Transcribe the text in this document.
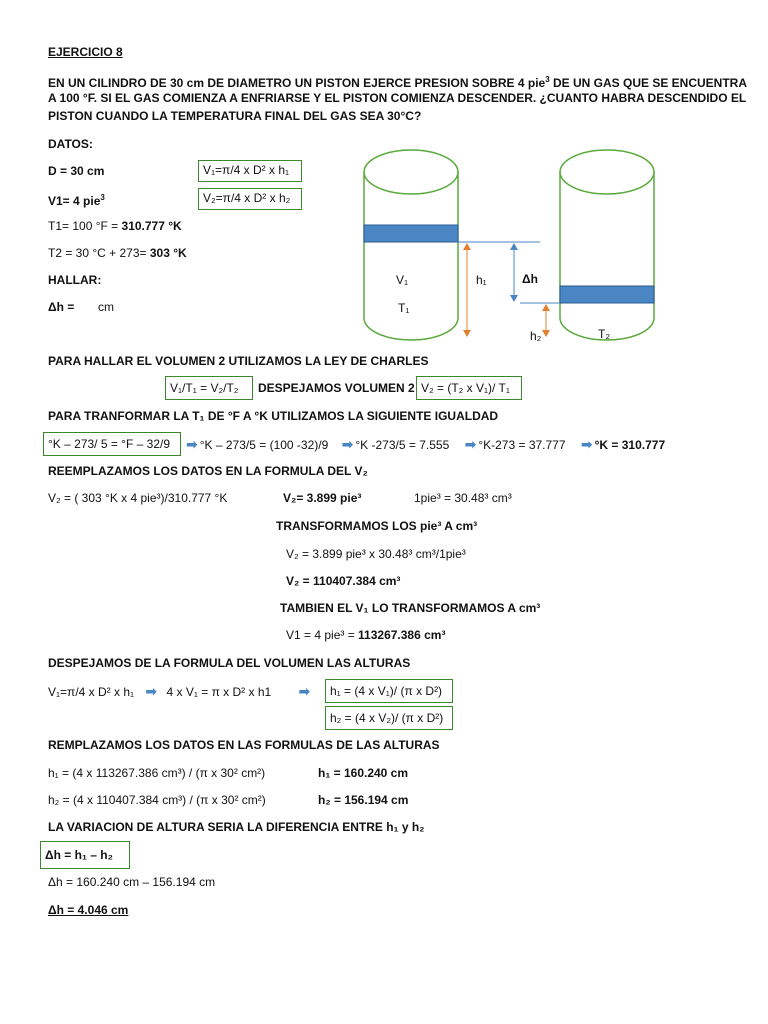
EJERCICIO 8
EN UN CILINDRO DE 30 cm DE DIAMETRO UN PISTON EJERCE PRESION SOBRE 4 pie$^3$ DE UN GAS QUE SE ENCUENTRA
A 100 °F. SI EL GAS COMIENZA A ENFRIARSE Y EL PISTON COMIENZA DESCENDER. ¿CUANTO HABRA DESCENDIDO EL
PISTON CUANDO LA TEMPERATURA FINAL DEL GAS SEA 30°C?
DATOS:
D = 30 cm
V1= 4 pie$^3$
T1= 100 °F = 310.777 °K
T2 = 30 °C + 273= 303 °K
HALLAR:
Δh = cm
V₁=π/4 x D² x h₁
V₂=π/4 x D² x h₂
V₁
T₁
h₁	Δh
h₂	T₂
PARA HALLAR EL VOLUMEN 2 UTILIZAMOS LA LEY DE CHARLES
V₁/T₁ = V₂/T₂	DESPEJAMOS VOLUMEN 2 V₂ = (T₂ x V₁)/ T₁
PARA TRANFORMAR LA T₁ DE °F A °K UTILIZAMOS LA SIGUIENTE IGUALDAD
°K – 273/ 5 = °F – 32/9	➡ °K – 273/5 = (100 -32)/9 ➡ °K -273/5 = 7.555 ➡ °K-273 = 37.777 ➡ °K = 310.777
REEMPLAZAMOS LOS DATOS EN LA FORMULA DEL V₂
V₂ = ( 303 °K x 4 pie³)/310.777 °K	V₂= 3.899 pie³	1pie³ = 30.48³ cm³
TRANSFORMAMOS LOS pie³ A cm³
V₂ = 3.899 pie³ x 30.48³ cm³/1pie³
V₂ = 110407.384 cm³
TAMBIEN EL V₁ LO TRANSFORMAMOS A cm³
V1 = 4 pie³ = 113267.386 cm³
DESPEJAMOS DE LA FORMULA DEL VOLUMEN LAS ALTURAS
V₁=π/4 x D² x h₁ ➡ 4 x V₁ = π x D² x h1 ➡	h₁ = (4 x V₁)/ (π x D²)
h₂ = (4 x V₂)/ (π x D²)
REMPLAZAMOS LOS DATOS EN LAS FORMULAS DE LAS ALTURAS
h₁ = (4 x 113267.386 cm³) / (π x 30² cm²)	h₁ = 160.240 cm
h₂ = (4 x 110407.384 cm³) / (π x 30² cm²)	h₂ = 156.194 cm
LA VARIACION DE ALTURA SERIA LA DIFERENCIA ENTRE h₁ y h₂
Δh = h₁ – h₂
Δh = 160.240 cm – 156.194 cm
Δh = 4.046 cm
